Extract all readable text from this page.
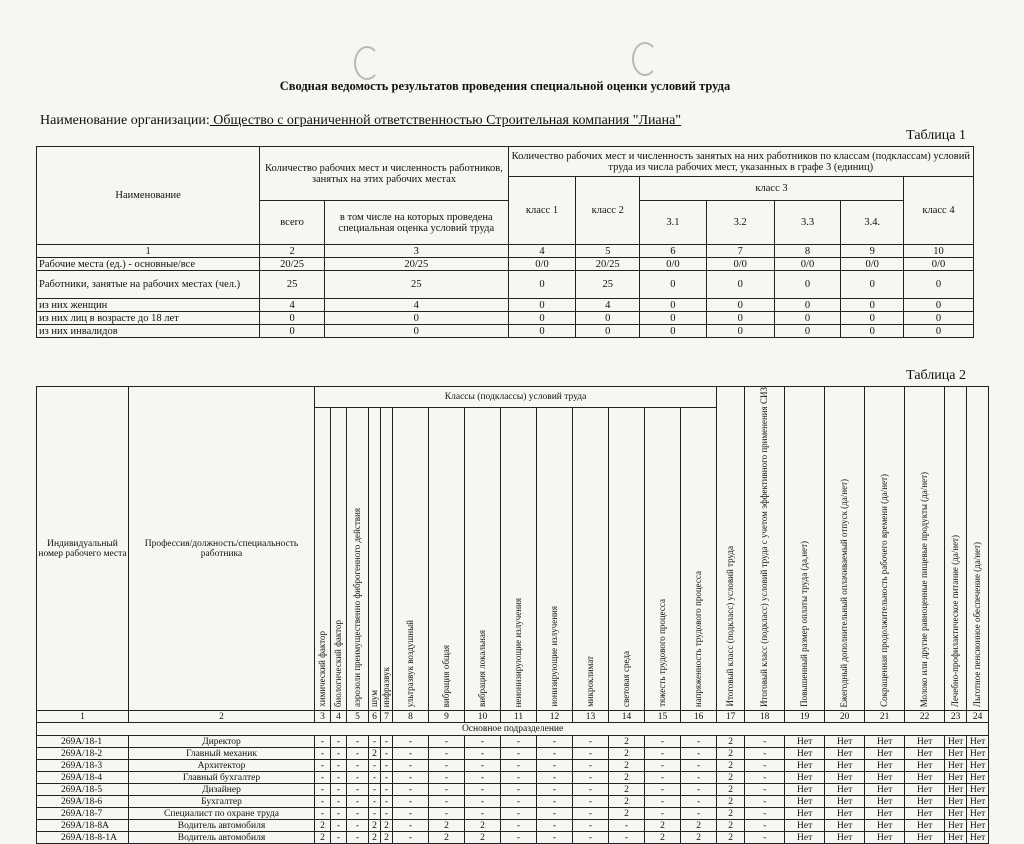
Сводная ведомость результатов проведения специальной оценки условий труда
Наименование организации: Общество с ограниченной ответственностью Строительная компания "Лиана"
Таблица 1
Наименование	Количество рабочих мест и численность работников, занятых на этих рабочих местах		Количество рабочих мест и численность занятых на них работников по классам (подклассам) условий труда из числа рабочих мест, указанных в графе 3 (единиц)						
			класс 1	класс 2	класс 3				класс 4
	всего	в том числе на которых проведена специальная оценка условий труда			3.1	3.2	3.3	3.4.	
1	2	3	4	5	6	7	8	9	10
Рабочие места (ед.) - основные/все	20/25	20/25	0/0	20/25	0/0	0/0	0/0	0/0	0/0
Работники, занятые на рабочих местах (чел.)	25	25	0	25	0	0	0	0	0
из них женщин	4	4	0	4	0	0	0	0	0
из них лиц в возрасте до 18 лет	0	0	0	0	0	0	0	0	0
из них инвалидов	0	0	0	0	0	0	0	0	0
Таблица 2
Индивидуальный номер рабочего места	Профессия/должность/специальность работника	Классы (подклассы) условий труда														Итоговый класс (подкласс) условий труда	Итоговый класс (подкласс) условий труда с учетом эффективного применения СИЗ	Повышенный размер оплаты труда (да,нет)	Ежегодный дополнительный оплачиваемый отпуск (да/нет)	Сокращенная продолжительность рабочего времени (да/нет)	Молоко или другие равноценные пищевые продукты (да/нет)	Лечебно-профилактическое питание (да/нет)	Льготное пенсионное обеспечение (да/нет)

		химический фактор	биологический фактор	аэрозоли преимущественно фиброгенного действия	шум	инфразвук	ультразвук воздушный	вибрация общая	вибрация локальная	неионизирующие излучения	ионизирующие излучения	микроклимат	световая среда	тяжесть трудового процесса	напряженность трудового процесса								

1	2	3	4	5	6	7	8	9	10	11	12	13	14	15	16	17	18	19	20	21	22	23	24
Основное подразделение																							
269А/18-1	Директор	-	-	-	-	-	-	-	-	-	-	-	2	-	-	2	-	Нет	Нет	Нет	Нет	Нет	Нет
269А/18-2	Главный механик	-	-	-	2	-	-	-	-	-	-	-	2	-	-	2	-	Нет	Нет	Нет	Нет	Нет	Нет
269А/18-3	Архитектор	-	-	-	-	-	-	-	-	-	-	-	2	-	-	2	-	Нет	Нет	Нет	Нет	Нет	Нет
269А/18-4	Главный бухгалтер	-	-	-	-	-	-	-	-	-	-	-	2	-	-	2	-	Нет	Нет	Нет	Нет	Нет	Нет
269А/18-5	Дизайнер	-	-	-	-	-	-	-	-	-	-	-	2	-	-	2	-	Нет	Нет	Нет	Нет	Нет	Нет
269А/18-6	Бухгалтер	-	-	-	-	-	-	-	-	-	-	-	2	-	-	2	-	Нет	Нет	Нет	Нет	Нет	Нет
269А/18-7	Специалист по охране труда	-	-	-	-	-	-	-	-	-	-	-	2	-	-	2	-	Нет	Нет	Нет	Нет	Нет	Нет
269А/18-8А	Водитель автомобиля	2	-	-	2	2	-	2	2	-	-	-	-	2	2	2	-	Нет	Нет	Нет	Нет	Нет	Нет
269А/18-8-1А	Водитель автомобиля	2	-	-	2	2	-	2	2	-	-	-	-	2	2	2	-	Нет	Нет	Нет	Нет	Нет	Нет
